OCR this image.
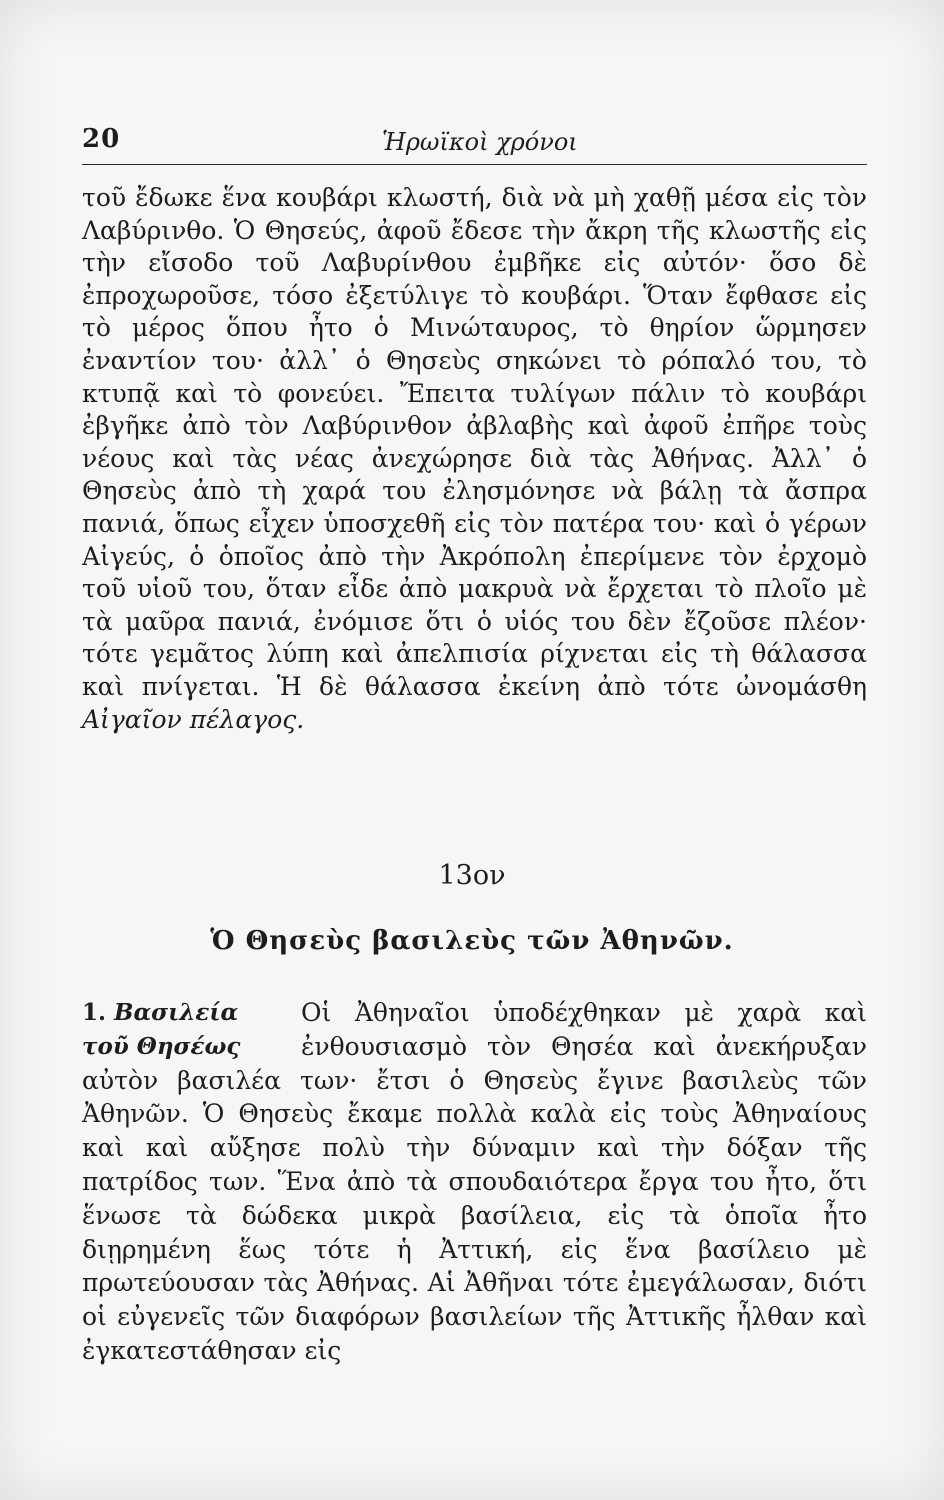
20	Ἡρωϊκοὶ χρόνοι

τοῦ ἔδωκε ἕνα κουβάρι κλωστή, διὰ νὰ μὴ χαθῇ μέσα εἰς τὸν Λαβύρινθο. Ὁ Θησεύς, ἀφοῦ ἔδεσε τὴν ἄκρη τῆς κλωστῆς εἰς τὴν εἴσοδο τοῦ Λαβυρίνθου ἐμβῆκε εἰς αὐτόν· ὅσο δὲ ἐπροχωροῦσε, τόσο ἐξετύλιγε τὸ κουβάρι. Ὅταν ἔφθασε εἰς τὸ μέρος ὅπου ἦτο ὁ Μινώταυρος, τὸ θηρίον ὥρμησεν ἐναντίον του· ἀλλ᾽ ὁ Θησεὺς σηκώνει τὸ ρόπαλό του, τὸ κτυπᾷ καὶ τὸ φονεύει. Ἔπειτα τυλίγων πάλιν τὸ κουβάρι ἐβγῆκε ἀπὸ τὸν Λαβύρινθον ἀβλαβὴς καὶ ἀφοῦ ἐπῆρε τοὺς νέους καὶ τὰς νέας ἀνεχώρησε διὰ τὰς Ἀθήνας. Ἀλλ᾽ ὁ Θησεὺς ἀπὸ τὴ χαρά του ἐλησμόνησε νὰ βάλῃ τὰ ἄσπρα πανιά, ὅπως εἶχεν ὑποσχεθῆ εἰς τὸν πατέρα του· καὶ ὁ γέρων Αἰγεύς, ὁ ὁποῖος ἀπὸ τὴν Ἀκρόπολη ἐπερίμενε τὸν ἐρχομὸ τοῦ υἱοῦ του, ὅταν εἶδε ἀπὸ μακρυὰ νὰ ἔρχεται τὸ πλοῖο μὲ τὰ μαῦρα πανιά, ἐνόμισε ὅτι ὁ υἱός του δὲν ἔζοῦσε πλέον· τότε γεμᾶτος λύπη καὶ ἀπελπισία ρίχνεται εἰς τὴ θάλασσα καὶ πνίγεται. Ἡ δὲ θάλασσα ἐκείνη ἀπὸ τότε ὠνομάσθη Αἰγαῖον πέλαγος.

13ον
Ὁ Θησεὺς βασιλεὺς τῶν Ἀθηνῶν.
1. Βασιλεία
τοῦ Θησέως

Οἱ Ἀθηναῖοι ὑποδέχθηκαν μὲ χαρὰ καὶ ἐνθουσιασμὸ τὸν Θησέα καὶ ἀνεκήρυξαν αὐτὸν βασιλέα των· ἔτσι ὁ Θησεὺς ἔγινε βασιλεὺς τῶν Ἀθηνῶν. Ὁ Θησεὺς ἔκαμε πολλὰ καλὰ εἰς τοὺς Ἀθηναίους καὶ καὶ αὔξησε πολὺ τὴν δύναμιν καὶ τὴν δόξαν τῆς πατρίδος των. Ἕνα ἀπὸ τὰ σπουδαιότερα ἔργα του ἦτο, ὅτι ἕνωσε τὰ δώδεκα μικρὰ βασίλεια, εἰς τὰ ὁποῖα ἦτο διῃρημένη ἕως τότε ἡ Ἀττική, εἰς ἕνα βασίλειο μὲ πρωτεύουσαν τὰς Ἀθήνας. Αἱ Ἀθῆναι τότε ἐμεγάλωσαν, διότι οἱ εὐγενεῖς τῶν διαφόρων βασιλείων τῆς Ἀττικῆς ἦλθαν καὶ ἐγκατεστάθησαν εἰς
